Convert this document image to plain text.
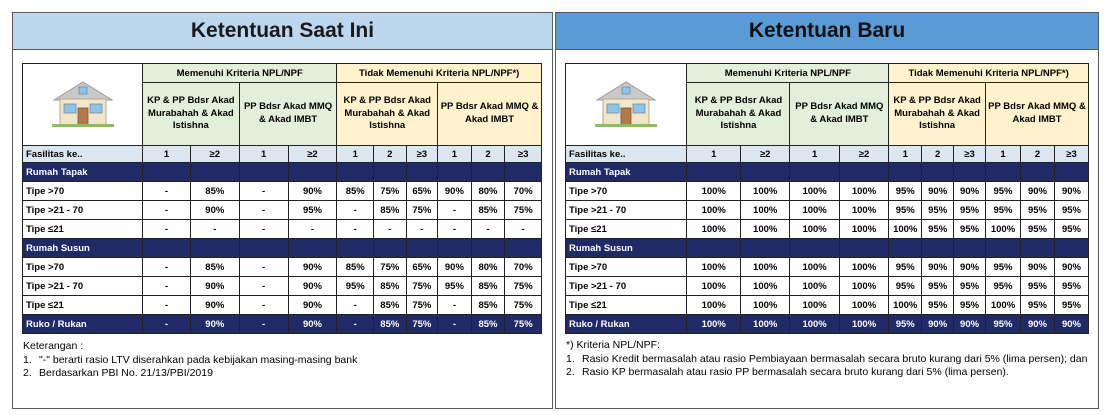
Ketentuan Saat Ini
	Memenuhi Kriteria NPL/NPF				Tidak Memenuhi Kriteria NPL/NPF*)					
	KP & PP Bdsr Akad Murabahah & Akad Istishna		PP Bdsr Akad MMQ & Akad IMBT		KP & PP Bdsr Akad Murabahah & Akad Istishna			PP Bdsr Akad MMQ & Akad IMBT		
Fasilitas ke..	1	≥2	1	≥2	1	2	≥3	1	2	≥3
Rumah Tapak										
Tipe >70	-	85%	-	90%	85%	75%	65%	90%	80%	70%
Tipe >21 - 70	-	90%	-	95%	-	85%	75%	-	85%	75%
Tipe ≤21	-	-	-	-	-	-	-	-	-	-
Rumah Susun										
Tipe >70	-	85%	-	90%	85%	75%	65%	90%	80%	70%
Tipe >21 - 70	-	90%	-	90%	95%	85%	75%	95%	85%	75%
Tipe ≤21	-	90%	-	90%	-	85%	75%	-	85%	75%
Ruko / Rukan	-	90%	-	90%	-	85%	75%	-	85%	75%
Keterangan :
1. "-" berarti rasio LTV diserahkan pada kebijakan masing-masing bank
2. Berdasarkan PBI No. 21/13/PBI/2019
Ketentuan Baru
	Memenuhi Kriteria NPL/NPF				Tidak Memenuhi Kriteria NPL/NPF*)					
	KP & PP Bdsr Akad Murabahah & Akad Istishna		PP Bdsr Akad MMQ & Akad IMBT		KP & PP Bdsr Akad Murabahah & Akad Istishna			PP Bdsr Akad MMQ & Akad IMBT		
Fasilitas ke..	1	≥2	1	≥2	1	2	≥3	1	2	≥3
Rumah Tapak										
Tipe >70	100%	100%	100%	100%	95%	90%	90%	95%	90%	90%
Tipe >21 - 70	100%	100%	100%	100%	95%	95%	95%	95%	95%	95%
Tipe ≤21	100%	100%	100%	100%	100%	95%	95%	100%	95%	95%
Rumah Susun										
Tipe >70	100%	100%	100%	100%	95%	90%	90%	95%	90%	90%
Tipe >21 - 70	100%	100%	100%	100%	95%	95%	95%	95%	95%	95%
Tipe ≤21	100%	100%	100%	100%	100%	95%	95%	100%	95%	95%
Ruko / Rukan	100%	100%	100%	100%	95%	90%	90%	95%	90%	90%
*) Kriteria NPL/NPF:
1. Rasio Kredit bermasalah atau rasio Pembiayaan bermasalah secara bruto kurang dari 5% (lima persen); dan
2. Rasio KP bermasalah atau rasio PP bermasalah secara bruto kurang dari 5% (lima persen).
